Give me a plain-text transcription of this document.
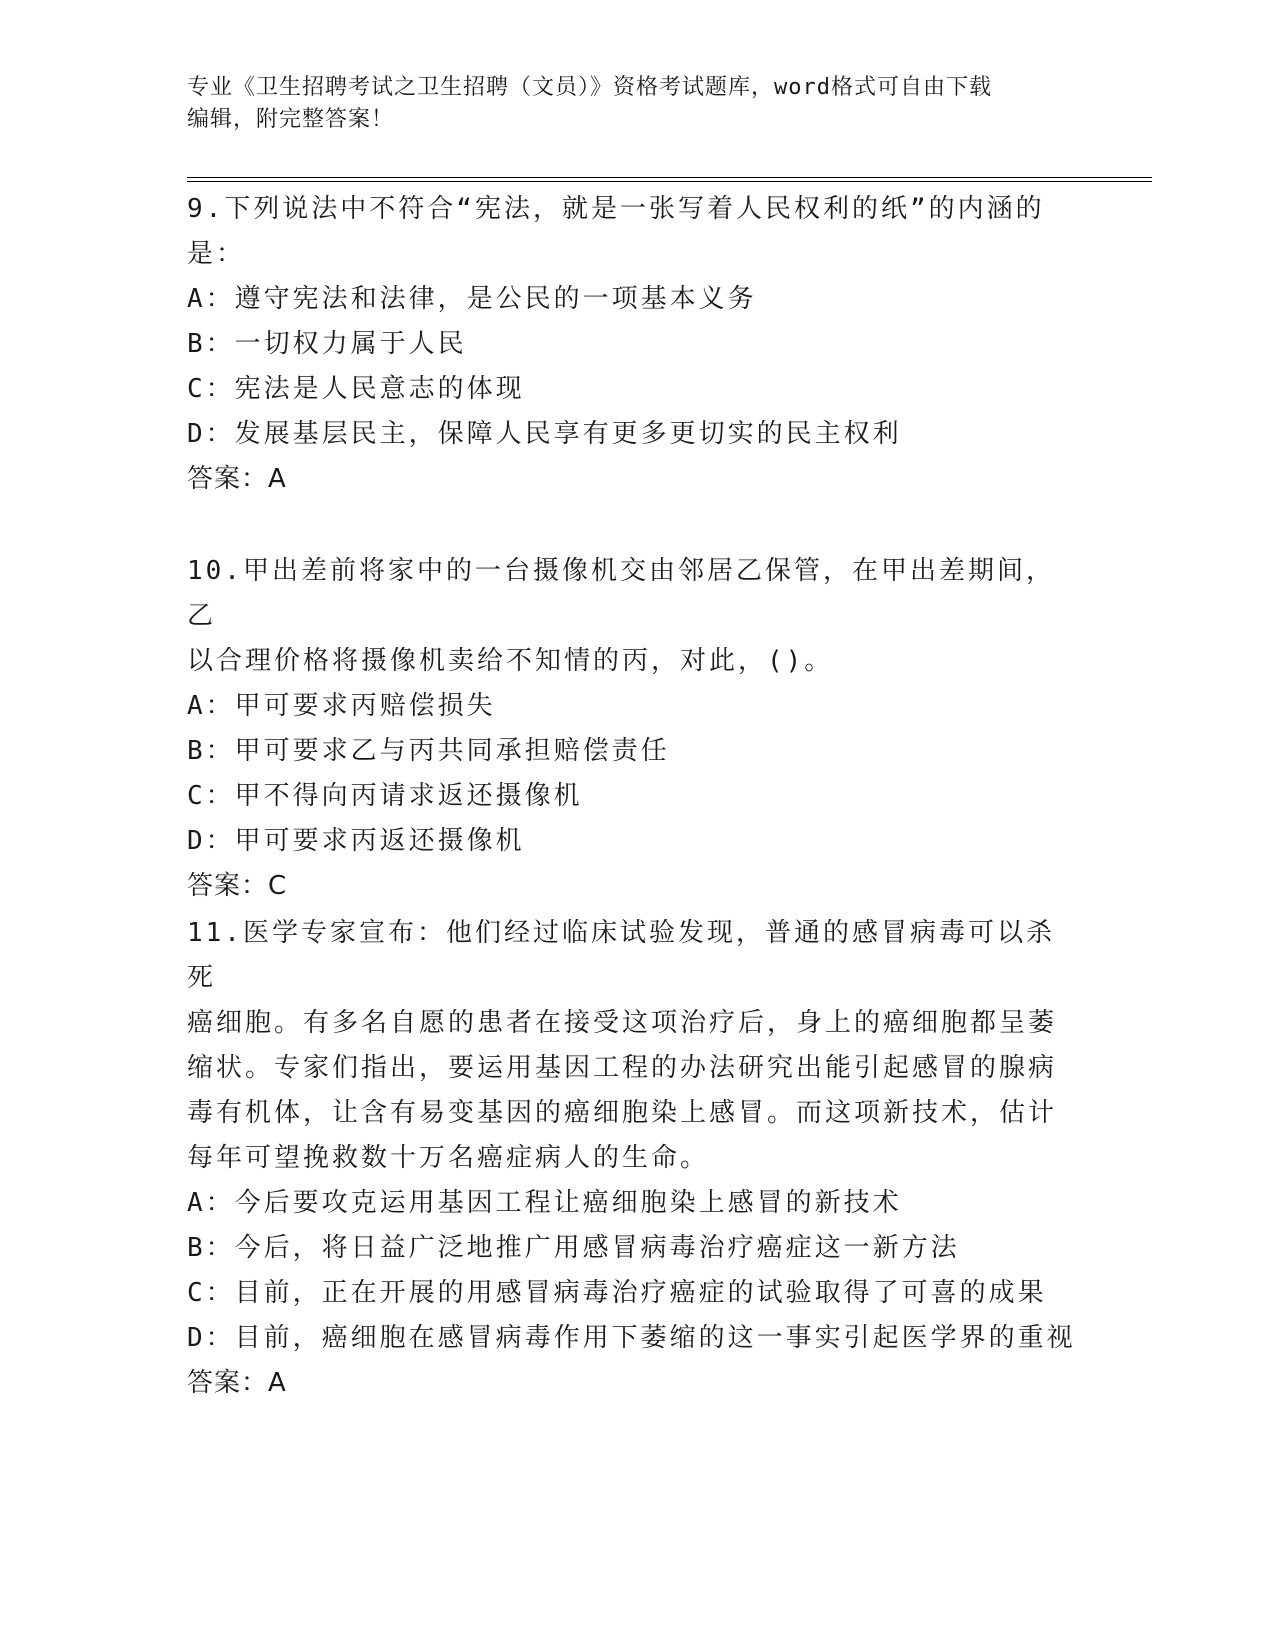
专业《卫生招聘考试之卫生招聘（文员）》资格考试题库，word格式可自由下载
编辑，附完整答案！

9.下列说法中不符合“宪法，就是一张写着人民权利的纸”的内涵的

是：

A：遵守宪法和法律，是公民的一项基本义务

B：一切权力属于人民

C：宪法是人民意志的体现

D：发展基层民主，保障人民享有更多更切实的民主权利

答案：A

10.甲出差前将家中的一台摄像机交由邻居乙保管，在甲出差期间，乙

以合理价格将摄像机卖给不知情的丙，对此，()。

A：甲可要求丙赔偿损失

B：甲可要求乙与丙共同承担赔偿责任

C：甲不得向丙请求返还摄像机

D：甲可要求丙返还摄像机

答案：C

11.医学专家宣布：他们经过临床试验发现，普通的感冒病毒可以杀死

癌细胞。有多名自愿的患者在接受这项治疗后，身上的癌细胞都呈萎

缩状。专家们指出，要运用基因工程的办法研究出能引起感冒的腺病

毒有机体，让含有易变基因的癌细胞染上感冒。而这项新技术，估计

每年可望挽救数十万名癌症病人的生命。

A：今后要攻克运用基因工程让癌细胞染上感冒的新技术

B：今后，将日益广泛地推广用感冒病毒治疗癌症这一新方法

C：目前，正在开展的用感冒病毒治疗癌症的试验取得了可喜的成果

D：目前，癌细胞在感冒病毒作用下萎缩的这一事实引起医学界的重视

答案：A
